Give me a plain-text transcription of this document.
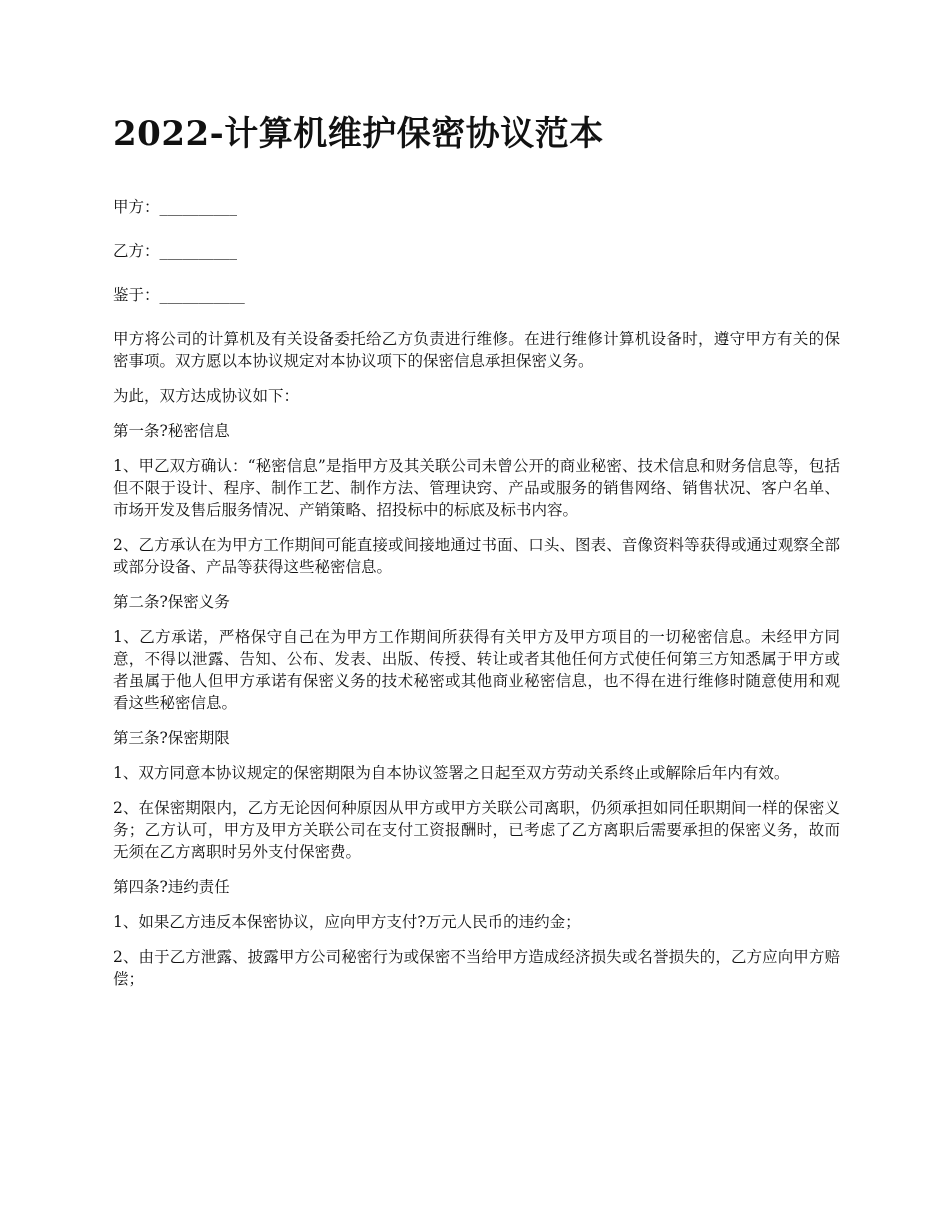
2022-计算机维护保密协议范本

甲方：__________

乙方：__________

鉴于：___________

甲方将公司的计算机及有关设备委托给乙方负责进行维修。在进行维修计算机设备时，遵守甲方有关的保密事项。双方愿以本协议规定对本协议项下的保密信息承担保密义务。

为此，双方达成协议如下：

第一条?秘密信息

1、甲乙双方确认：“秘密信息”是指甲方及其关联公司未曾公开的商业秘密、技术信息和财务信息等，包括但不限于设计、程序、制作工艺、制作方法、管理诀窍、产品或服务的销售网络、销售状况、客户名单、市场开发及售后服务情况、产销策略、招投标中的标底及标书内容。

2、乙方承认在为甲方工作期间可能直接或间接地通过书面、口头、图表、音像资料等获得或通过观察全部或部分设备、产品等获得这些秘密信息。

第二条?保密义务

1、乙方承诺，严格保守自己在为甲方工作期间所获得有关甲方及甲方项目的一切秘密信息。未经甲方同意，不得以泄露、告知、公布、发表、出版、传授、转让或者其他任何方式使任何第三方知悉属于甲方或者虽属于他人但甲方承诺有保密义务的技术秘密或其他商业秘密信息，也不得在进行维修时随意使用和观看这些秘密信息。

第三条?保密期限

1、双方同意本协议规定的保密期限为自本协议签署之日起至双方劳动关系终止或解除后年内有效。

2、在保密期限内，乙方无论因何种原因从甲方或甲方关联公司离职，仍须承担如同任职期间一样的保密义务；乙方认可，甲方及甲方关联公司在支付工资报酬时，已考虑了乙方离职后需要承担的保密义务，故而无须在乙方离职时另外支付保密费。

第四条?违约责任

1、如果乙方违反本保密协议，应向甲方支付?万元人民币的违约金；

2、由于乙方泄露、披露甲方公司秘密行为或保密不当给甲方造成经济损失或名誉损失的，乙方应向甲方赔偿；
